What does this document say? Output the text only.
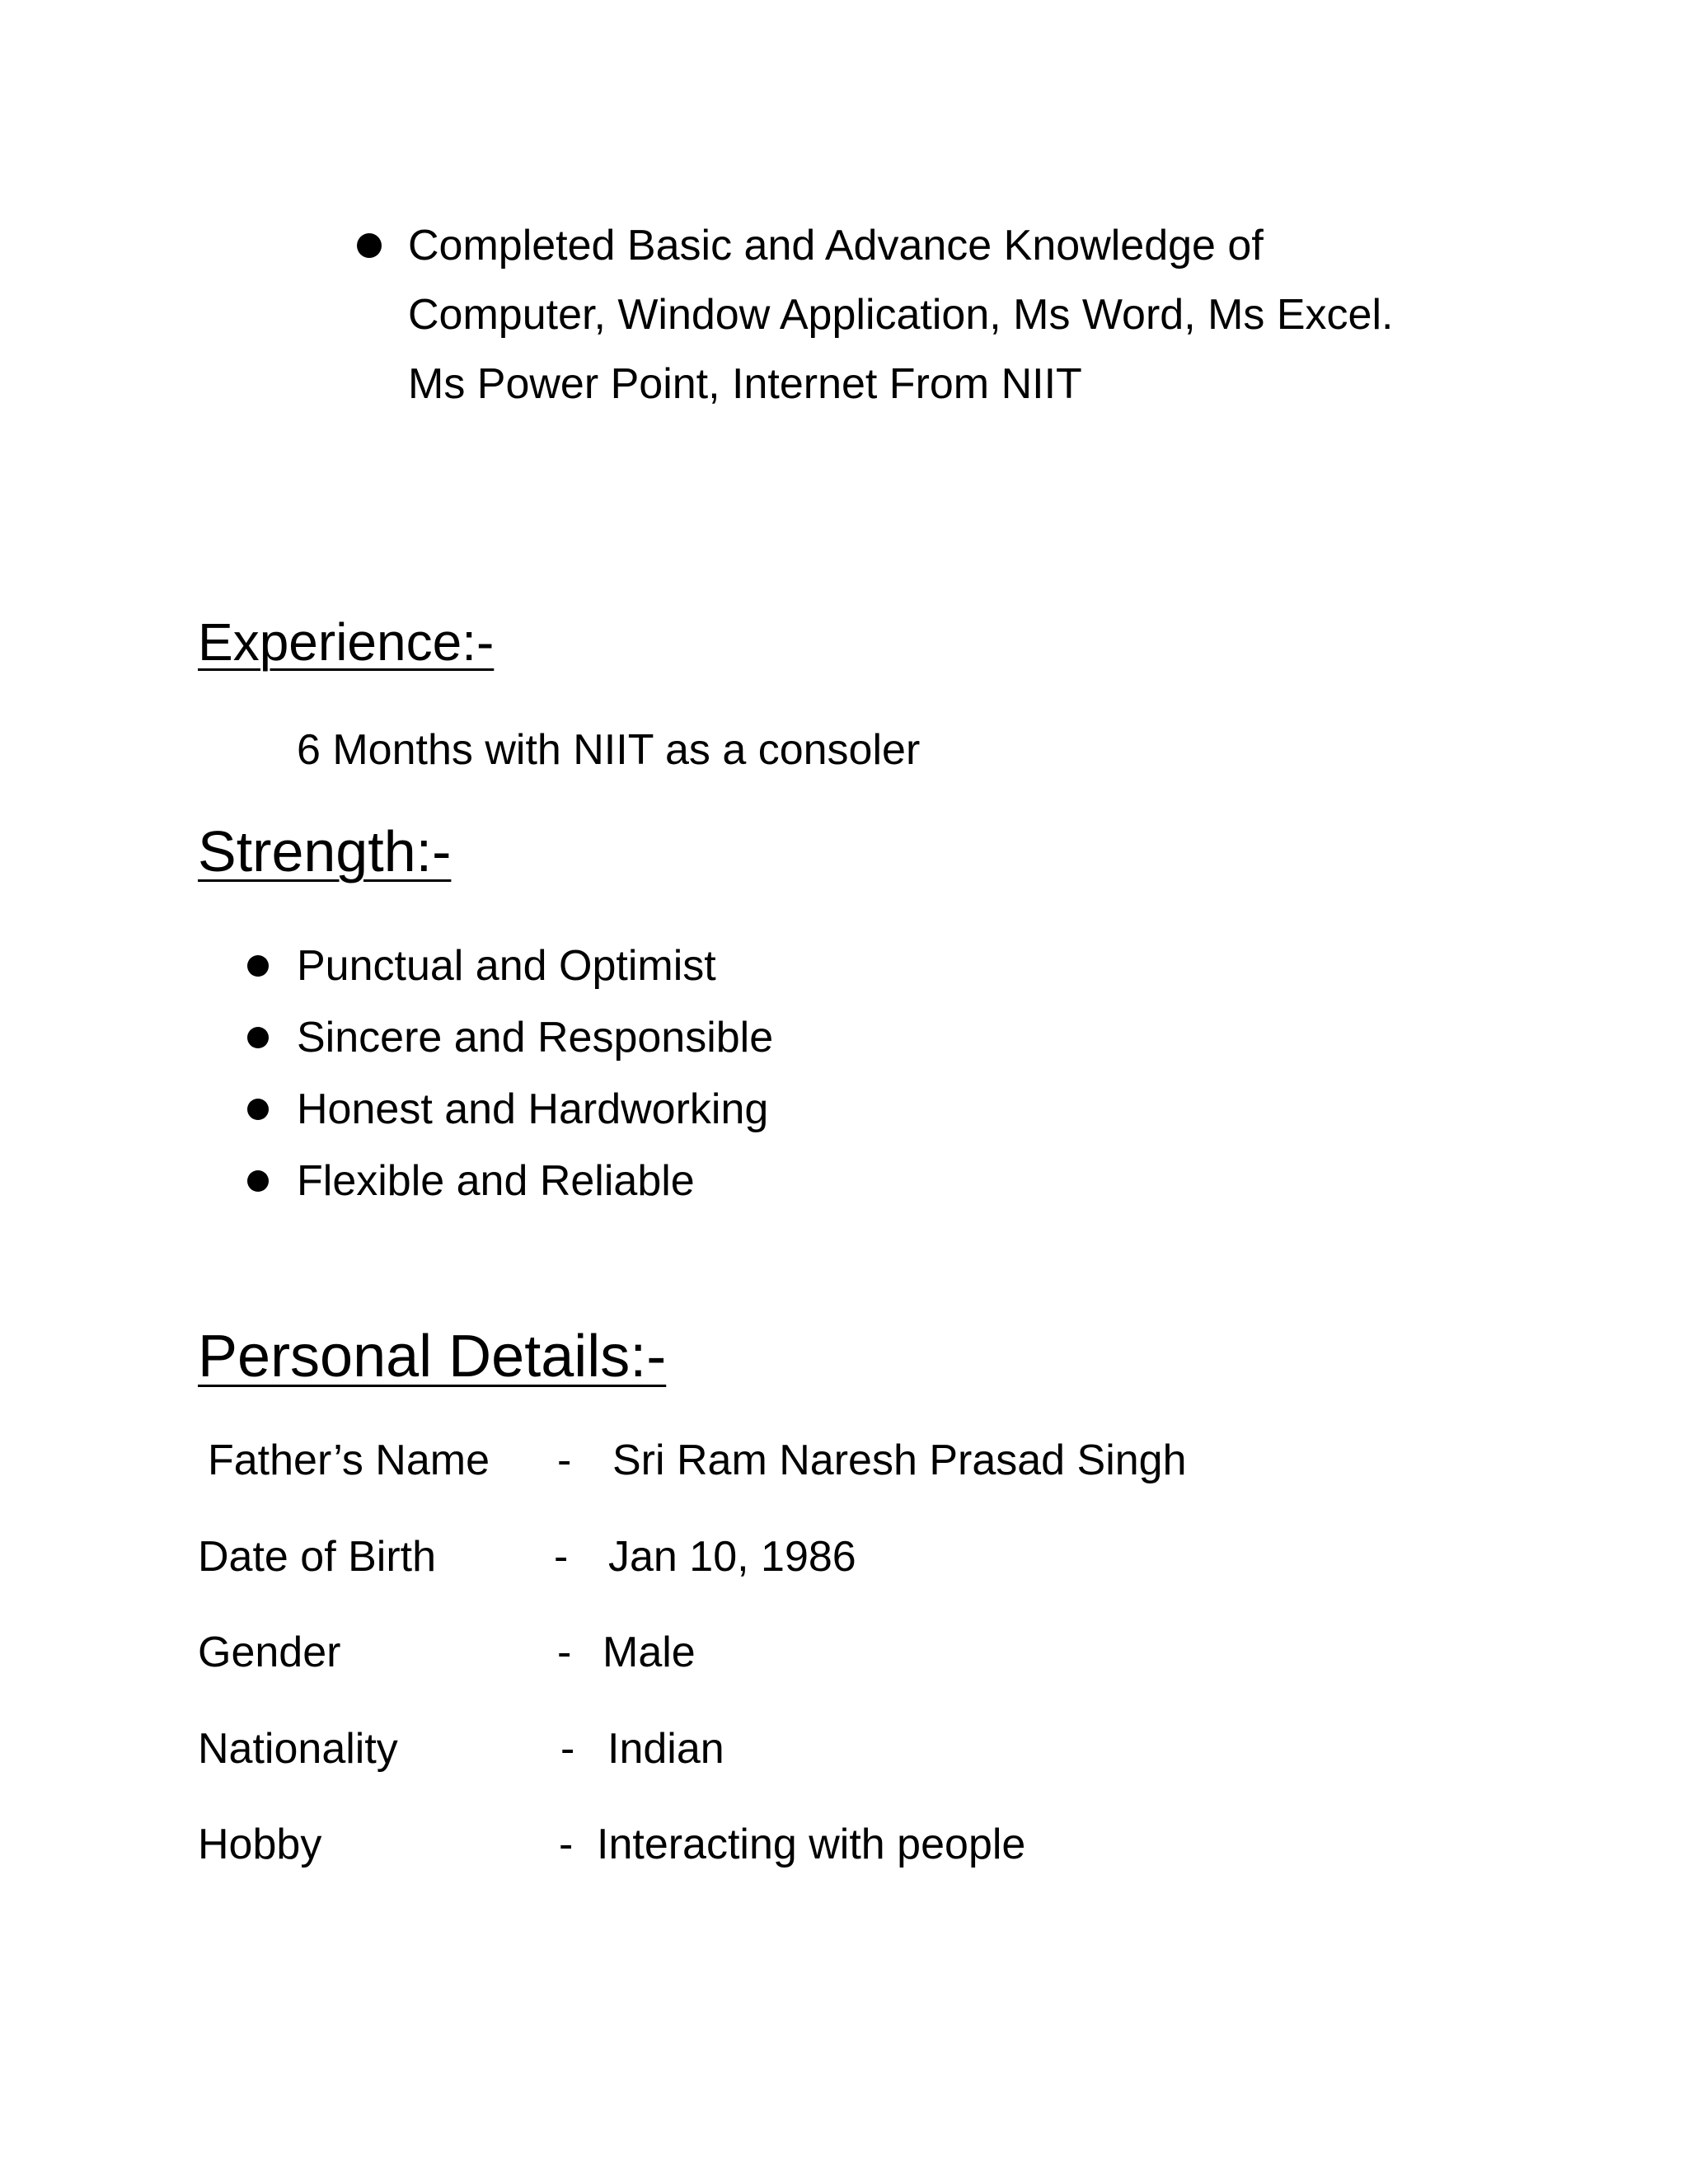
Completed Basic and Advance Knowledge of
Computer, Window Application, Ms Word, Ms Excel.
Ms Power Point, Internet From NIIT
Experience:-
6 Months with NIIT as a consoler
Strength:-
Punctual and Optimist
Sincere and Responsible
Honest and Hardworking
Flexible and Reliable
Personal Details:-
Father’s Name - Sri Ram Naresh Prasad Singh
Date of Birth	- Jan 10, 1986
Gender	- Male
Nationality	- Indian
Hobby	- Interacting with people
